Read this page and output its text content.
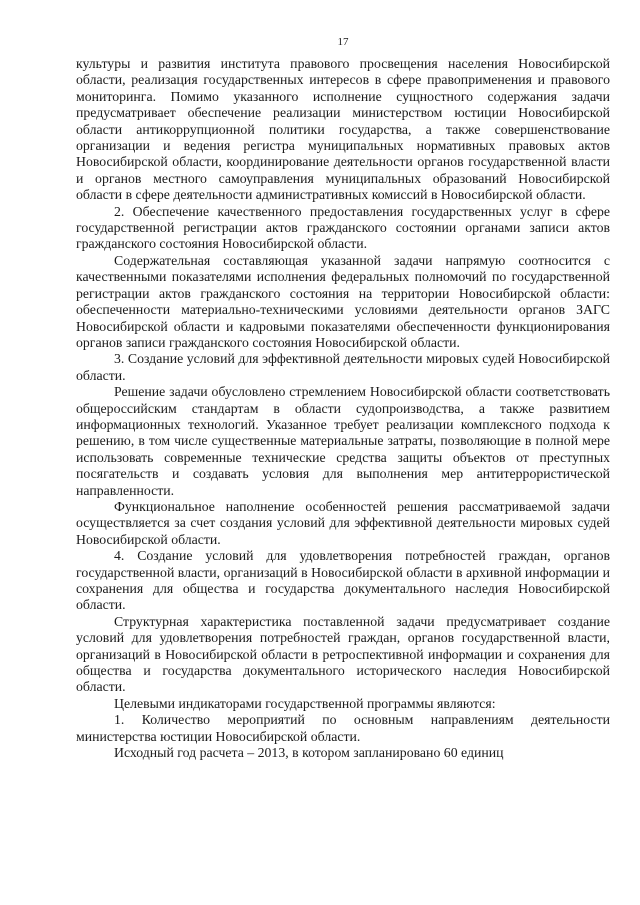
17

культуры и развития института правового просвещения населения Новосибирской области, реализация государственных интересов в сфере правоприменения и правового мониторинга. Помимо указанного исполнение сущностного содержания задачи предусматривает обеспечение реализации министерством юстиции Новосибирской области антикоррупционной политики государства, а также совершенствование организации и ведения регистра муниципальных нормативных правовых актов Новосибирской области, координирование деятельности органов государственной власти и органов местного самоуправления муниципальных образований Новосибирской области в сфере деятельности административных комиссий в Новосибирской области.

2. Обеспечение качественного предоставления государственных услуг в сфере государственной регистрации актов гражданского состоянии органами записи актов гражданского состояния Новосибирской области.

Содержательная составляющая указанной задачи напрямую соотносится с качественными показателями исполнения федеральных полномочий по государственной регистрации актов гражданского состояния на территории Новосибирской области: обеспеченности материально-техническими условиями деятельности органов ЗАГС Новосибирской области и кадровыми показателями обеспеченности функционирования органов записи гражданского состояния Новосибирской области.

3. Создание условий для эффективной деятельности мировых судей Новосибирской области.

Решение задачи обусловлено стремлением Новосибирской области соответствовать общероссийским стандартам в области судопроизводства, а также развитием информационных технологий. Указанное требует реализации комплексного подхода к решению, в том числе существенные материальные затраты, позволяющие в полной мере использовать современные технические средства защиты объектов от преступных посягательств и создавать условия для выполнения мер антитеррористической направленности.

Функциональное наполнение особенностей решения рассматриваемой задачи осуществляется за счет создания условий для эффективной деятельности мировых судей Новосибирской области.

4. Создание условий для удовлетворения потребностей граждан, органов государственной власти, организаций в Новосибирской области в архивной информации и сохранения для общества и государства документального наследия Новосибирской области.

Структурная характеристика поставленной задачи предусматривает создание условий для удовлетворения потребностей граждан, органов государственной власти, организаций в Новосибирской области в ретроспективной информации и сохранения для общества и государства документального исторического наследия Новосибирской области.

Целевыми индикаторами государственной программы являются:

1. Количество мероприятий по основным направлениям деятельности министерства юстиции Новосибирской области.

Исходный год расчета – 2013, в котором запланировано 60 единиц
